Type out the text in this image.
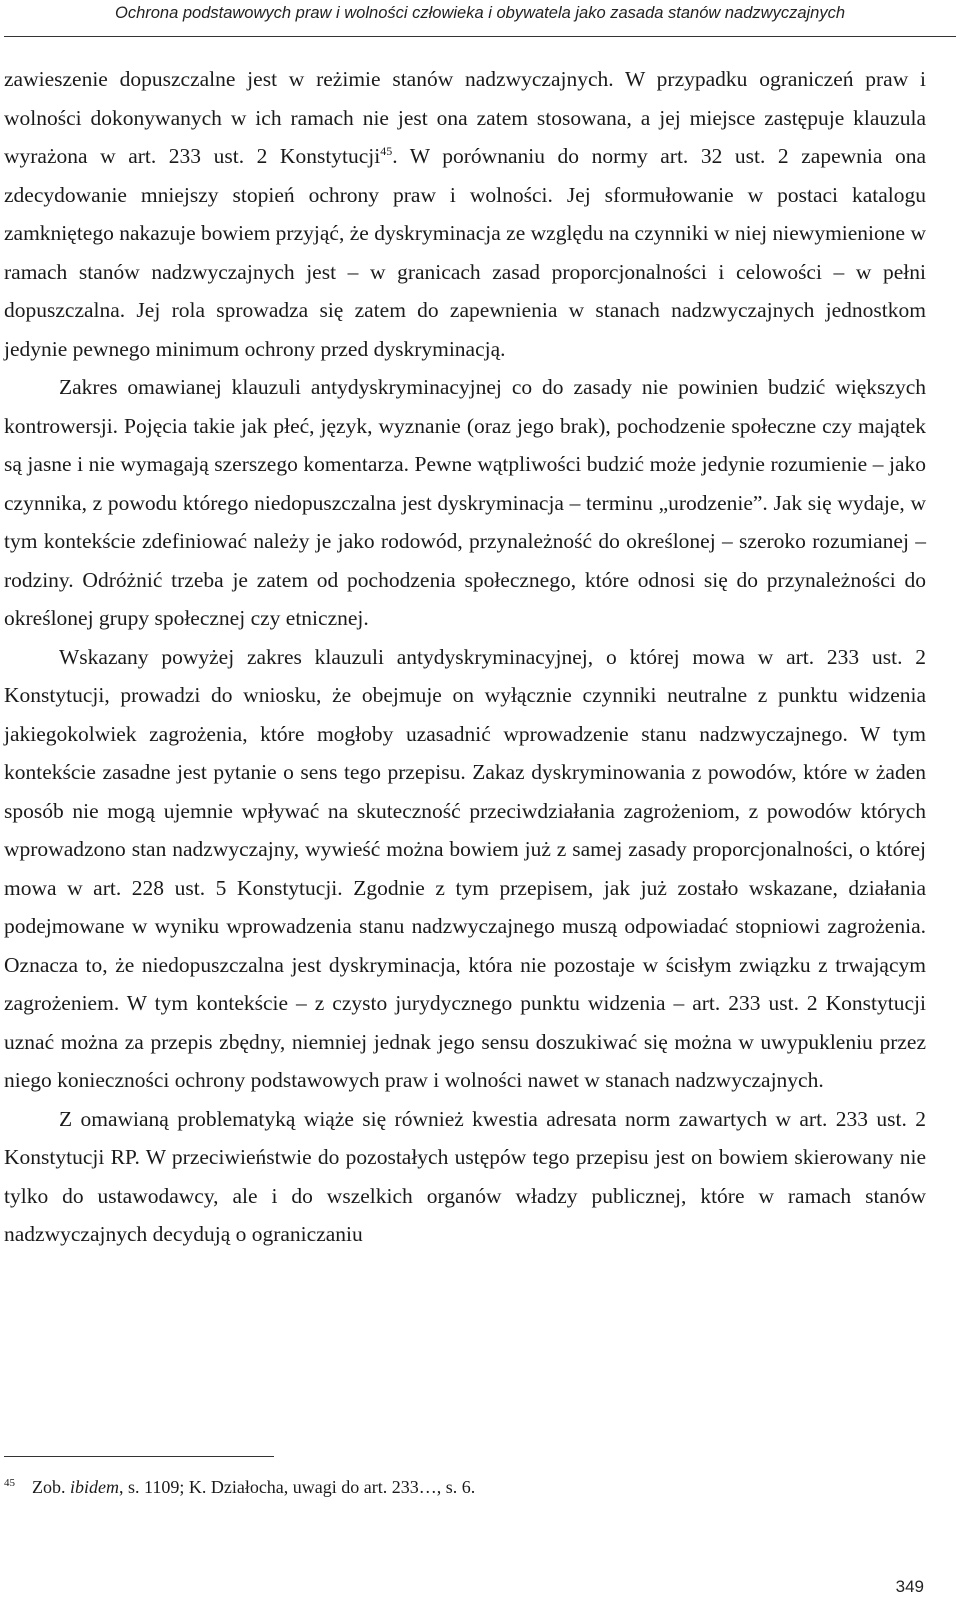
Ochrona podstawowych praw i wolności człowieka i obywatela jako zasada stanów nadzwyczajnych

zawieszenie dopuszczalne jest w reżimie stanów nadzwyczajnych. W przypadku ograniczeń praw i wolności dokonywanych w ich ramach nie jest ona zatem stosowana, a jej miejsce zastępuje klauzula wyrażona w art. 233 ust. 2 Konstytucji$^{45}$. W porównaniu do normy art. 32 ust. 2 zapewnia ona zdecydowanie mniejszy stopień ochrony praw i wolności. Jej sformułowanie w postaci katalogu zamkniętego nakazuje bowiem przyjąć, że dyskryminacja ze względu na czynniki w niej niewymienione w ramach stanów nadzwyczajnych jest – w granicach zasad proporcjonalności i celowości – w pełni dopuszczalna. Jej rola sprowadza się zatem do zapewnienia w stanach nadzwyczajnych jednostkom jedynie pewnego minimum ochrony przed dyskryminacją.

Zakres omawianej klauzuli antydyskryminacyjnej co do zasady nie powinien budzić większych kontrowersji. Pojęcia takie jak płeć, język, wyznanie (oraz jego brak), pochodzenie społeczne czy majątek są jasne i nie wymagają szerszego komentarza. Pewne wątpliwości budzić może jedynie rozumienie – jako czynnika, z powodu którego niedopuszczalna jest dyskryminacja – terminu „urodzenie”. Jak się wydaje, w tym kontekście zdefiniować należy je jako rodowód, przynależność do określonej – szeroko rozumianej – rodziny. Odróżnić trzeba je zatem od pochodzenia społecznego, które odnosi się do przynależności do określonej grupy społecznej czy etnicznej.

Wskazany powyżej zakres klauzuli antydyskryminacyjnej, o której mowa w art. 233 ust. 2 Konstytucji, prowadzi do wniosku, że obejmuje on wyłącznie czynniki neutralne z punktu widzenia jakiegokolwiek zagrożenia, które mogłoby uzasadnić wprowadzenie stanu nadzwyczajnego. W tym kontekście zasadne jest pytanie o sens tego przepisu. Zakaz dyskryminowania z powodów, które w żaden sposób nie mogą ujemnie wpływać na skuteczność przeciwdziałania zagrożeniom, z powodów których wprowadzono stan nadzwyczajny, wywieść można bowiem już z samej zasady proporcjonalności, o której mowa w art. 228 ust. 5 Konstytucji. Zgodnie z tym przepisem, jak już zostało wskazane, działania podejmowane w wyniku wprowadzenia stanu nadzwyczajnego muszą odpowiadać stopniowi zagrożenia. Oznacza to, że niedopuszczalna jest dyskryminacja, która nie pozostaje w ścisłym związku z trwającym zagrożeniem. W tym kontekście – z czysto jurydycznego punktu widzenia – art. 233 ust. 2 Konstytucji uznać można za przepis zbędny, niemniej jednak jego sensu doszukiwać się można w uwypukleniu przez niego konieczności ochrony podstawowych praw i wolności nawet w stanach nadzwyczajnych.

Z omawianą problematyką wiąże się również kwestia adresata norm zawartych w art. 233 ust. 2 Konstytucji RP. W przeciwieństwie do pozostałych ustępów tego przepisu jest on bowiem skierowany nie tylko do ustawodawcy, ale i do wszelkich organów władzy publicznej, które w ramach stanów nadzwyczajnych decydują o ograniczaniu

45 Zob. ibidem, s. 1109; K. Działocha, uwagi do art. 233…, s. 6.
349
